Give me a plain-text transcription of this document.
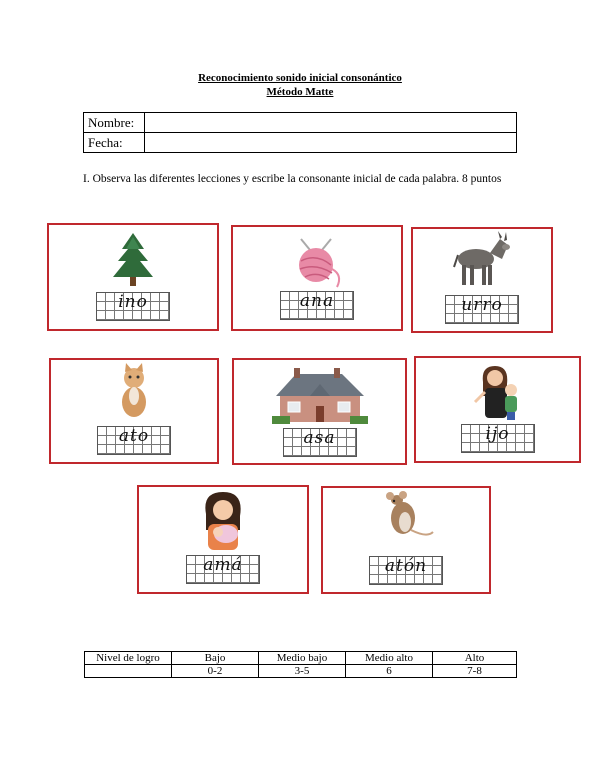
Reconocimiento sonido inicial consonántico
Método Matte
Nombre:	
Fecha:	
I. Observa las diferentes lecciones y escribe la consonante inicial de cada palabra. 8 puntos
ino	ana	urro
ato	asa	ijo
amá	atón
Nivel de logro	Bajo	Medio bajo	Medio alto	Alto
	0-2	3-5	6	7-8
